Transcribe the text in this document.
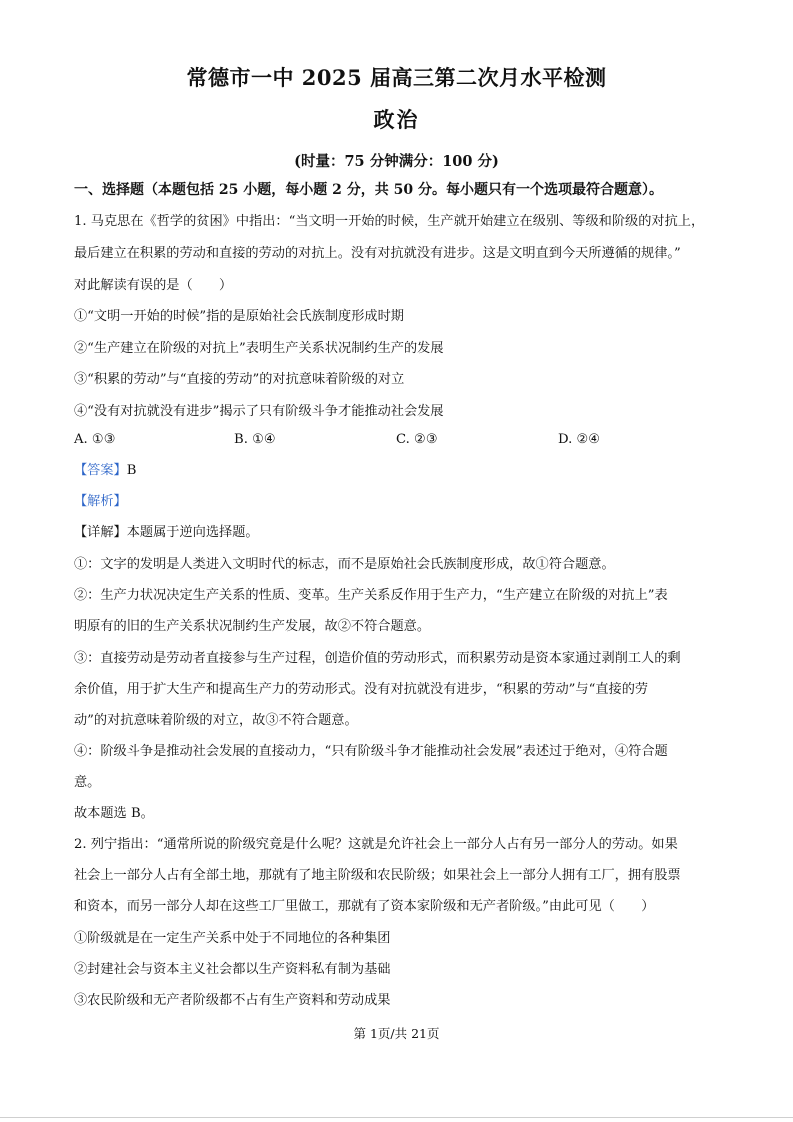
常德市一中 2025 届高三第二次月水平检测
政治
(时量：75 分钟满分：100 分)
一、选择题（本题包括 25 小题，每小题 2 分，共 50 分。每小题只有一个选项最符合题意）。
1. 马克思在《哲学的贫困》中指出：“当文明一开始的时候，生产就开始建立在级别、等级和阶级的对抗上，
最后建立在积累的劳动和直接的劳动的对抗上。没有对抗就没有进步。这是文明直到今天所遵循的规律。”
对此解读有误的是（　　）
①“文明一开始的时候”指的是原始社会氏族制度形成时期
②“生产建立在阶级的对抗上”表明生产关系状况制约生产的发展
③“积累的劳动”与“直接的劳动”的对抗意味着阶级的对立
④“没有对抗就没有进步”揭示了只有阶级斗争才能推动社会发展
A. ①③	B. ①④	C. ②③	D. ②④
【答案】B
【解析】
【详解】本题属于逆向选择题。
①：文字的发明是人类进入文明时代的标志，而不是原始社会氏族制度形成，故①符合题意。
②：生产力状况决定生产关系的性质、变革。生产关系反作用于生产力，“生产建立在阶级的对抗上”表
明原有的旧的生产关系状况制约生产发展，故②不符合题意。
③：直接劳动是劳动者直接参与生产过程，创造价值的劳动形式，而积累劳动是资本家通过剥削工人的剩
余价值，用于扩大生产和提高生产力的劳动形式。没有对抗就没有进步，“积累的劳动”与“直接的劳
动”的对抗意味着阶级的对立，故③不符合题意。
④：阶级斗争是推动社会发展的直接动力，“只有阶级斗争才能推动社会发展”表述过于绝对，④符合题
意。
故本题选 B。
2. 列宁指出：“通常所说的阶级究竟是什么呢？这就是允许社会上一部分人占有另一部分人的劳动。如果
社会上一部分人占有全部土地，那就有了地主阶级和农民阶级；如果社会上一部分人拥有工厂，拥有股票
和资本，而另一部分人却在这些工厂里做工，那就有了资本家阶级和无产者阶级。”由此可见（　　）
①阶级就是在一定生产关系中处于不同地位的各种集团
②封建社会与资本主义社会都以生产资料私有制为基础
③农民阶级和无产者阶级都不占有生产资料和劳动成果
第 1页/共 21页
